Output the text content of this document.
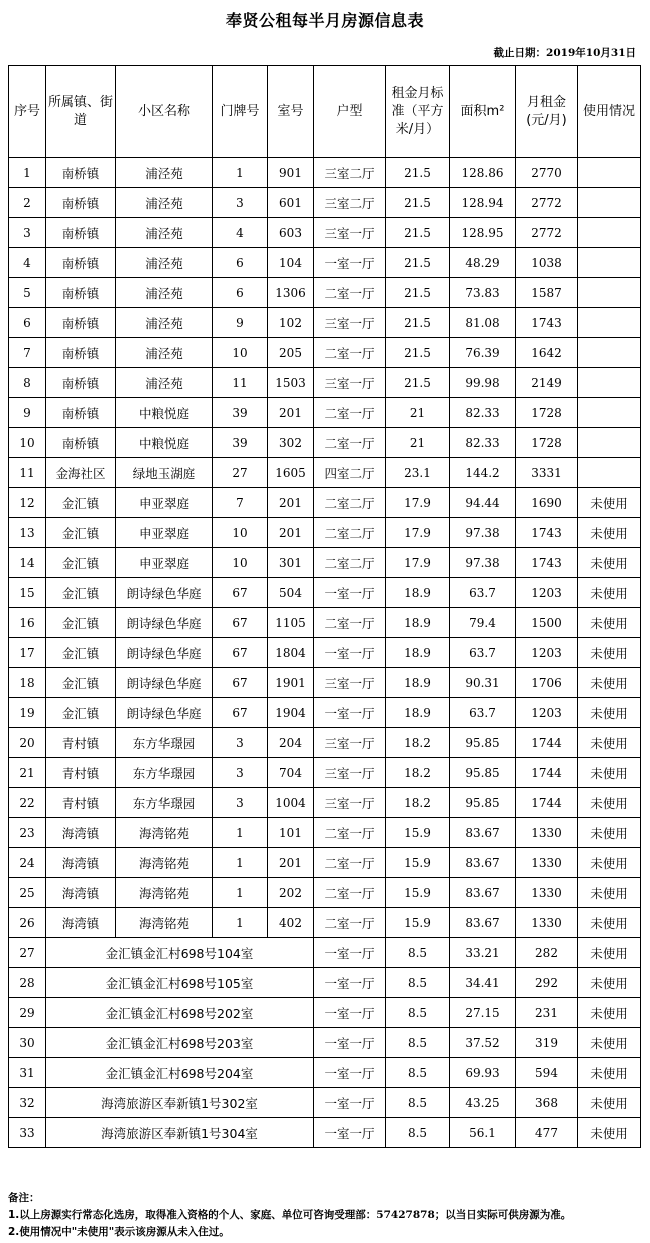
奉贤公租每半月房源信息表
截止日期：2019年10月31日
序号	所属镇、街道	小区名称	门牌号	室号	户型	租金月标准（平方米/月）	面积m²	月租金(元/月)	使用情况
1	南桥镇	浦泾苑	1	901	三室二厅	21.5	128.86	2770	
2	南桥镇	浦泾苑	3	601	三室二厅	21.5	128.94	2772	
3	南桥镇	浦泾苑	4	603	三室一厅	21.5	128.95	2772	
4	南桥镇	浦泾苑	6	104	一室一厅	21.5	48.29	1038	
5	南桥镇	浦泾苑	6	1306	二室一厅	21.5	73.83	1587	
6	南桥镇	浦泾苑	9	102	三室一厅	21.5	81.08	1743	
7	南桥镇	浦泾苑	10	205	二室一厅	21.5	76.39	1642	
8	南桥镇	浦泾苑	11	1503	三室一厅	21.5	99.98	2149	
9	南桥镇	中粮悦庭	39	201	二室一厅	21	82.33	1728	
10	南桥镇	中粮悦庭	39	302	二室一厅	21	82.33	1728	
11	金海社区	绿地玉湖庭	27	1605	四室二厅	23.1	144.2	3331	
12	金汇镇	申亚翠庭	7	201	二室二厅	17.9	94.44	1690	未使用
13	金汇镇	申亚翠庭	10	201	二室二厅	17.9	97.38	1743	未使用
14	金汇镇	申亚翠庭	10	301	二室二厅	17.9	97.38	1743	未使用
15	金汇镇	朗诗绿色华庭	67	504	一室一厅	18.9	63.7	1203	未使用
16	金汇镇	朗诗绿色华庭	67	1105	二室一厅	18.9	79.4	1500	未使用
17	金汇镇	朗诗绿色华庭	67	1804	一室一厅	18.9	63.7	1203	未使用
18	金汇镇	朗诗绿色华庭	67	1901	三室一厅	18.9	90.31	1706	未使用
19	金汇镇	朗诗绿色华庭	67	1904	一室一厅	18.9	63.7	1203	未使用
20	青村镇	东方华璟园	3	204	三室一厅	18.2	95.85	1744	未使用
21	青村镇	东方华璟园	3	704	三室一厅	18.2	95.85	1744	未使用
22	青村镇	东方华璟园	3	1004	三室一厅	18.2	95.85	1744	未使用
23	海湾镇	海湾铭苑	1	101	二室一厅	15.9	83.67	1330	未使用
24	海湾镇	海湾铭苑	1	201	二室一厅	15.9	83.67	1330	未使用
25	海湾镇	海湾铭苑	1	202	二室一厅	15.9	83.67	1330	未使用
26	海湾镇	海湾铭苑	1	402	二室一厅	15.9	83.67	1330	未使用
27	金汇镇金汇村698号104室				一室一厅	8.5	33.21	282	未使用
28	金汇镇金汇村698号105室				一室一厅	8.5	34.41	292	未使用
29	金汇镇金汇村698号202室				一室一厅	8.5	27.15	231	未使用
30	金汇镇金汇村698号203室				一室一厅	8.5	37.52	319	未使用
31	金汇镇金汇村698号204室				一室一厅	8.5	69.93	594	未使用
32	海湾旅游区奉新镇1号302室				一室一厅	8.5	43.25	368	未使用
33	海湾旅游区奉新镇1号304室				一室一厅	8.5	56.1	477	未使用
备注：
1.以上房源实行常态化选房，取得准入资格的个人、家庭、单位可咨询受理部：57427878；以当日实际可供房源为准。
2.使用情况中"未使用"表示该房源从未入住过。
